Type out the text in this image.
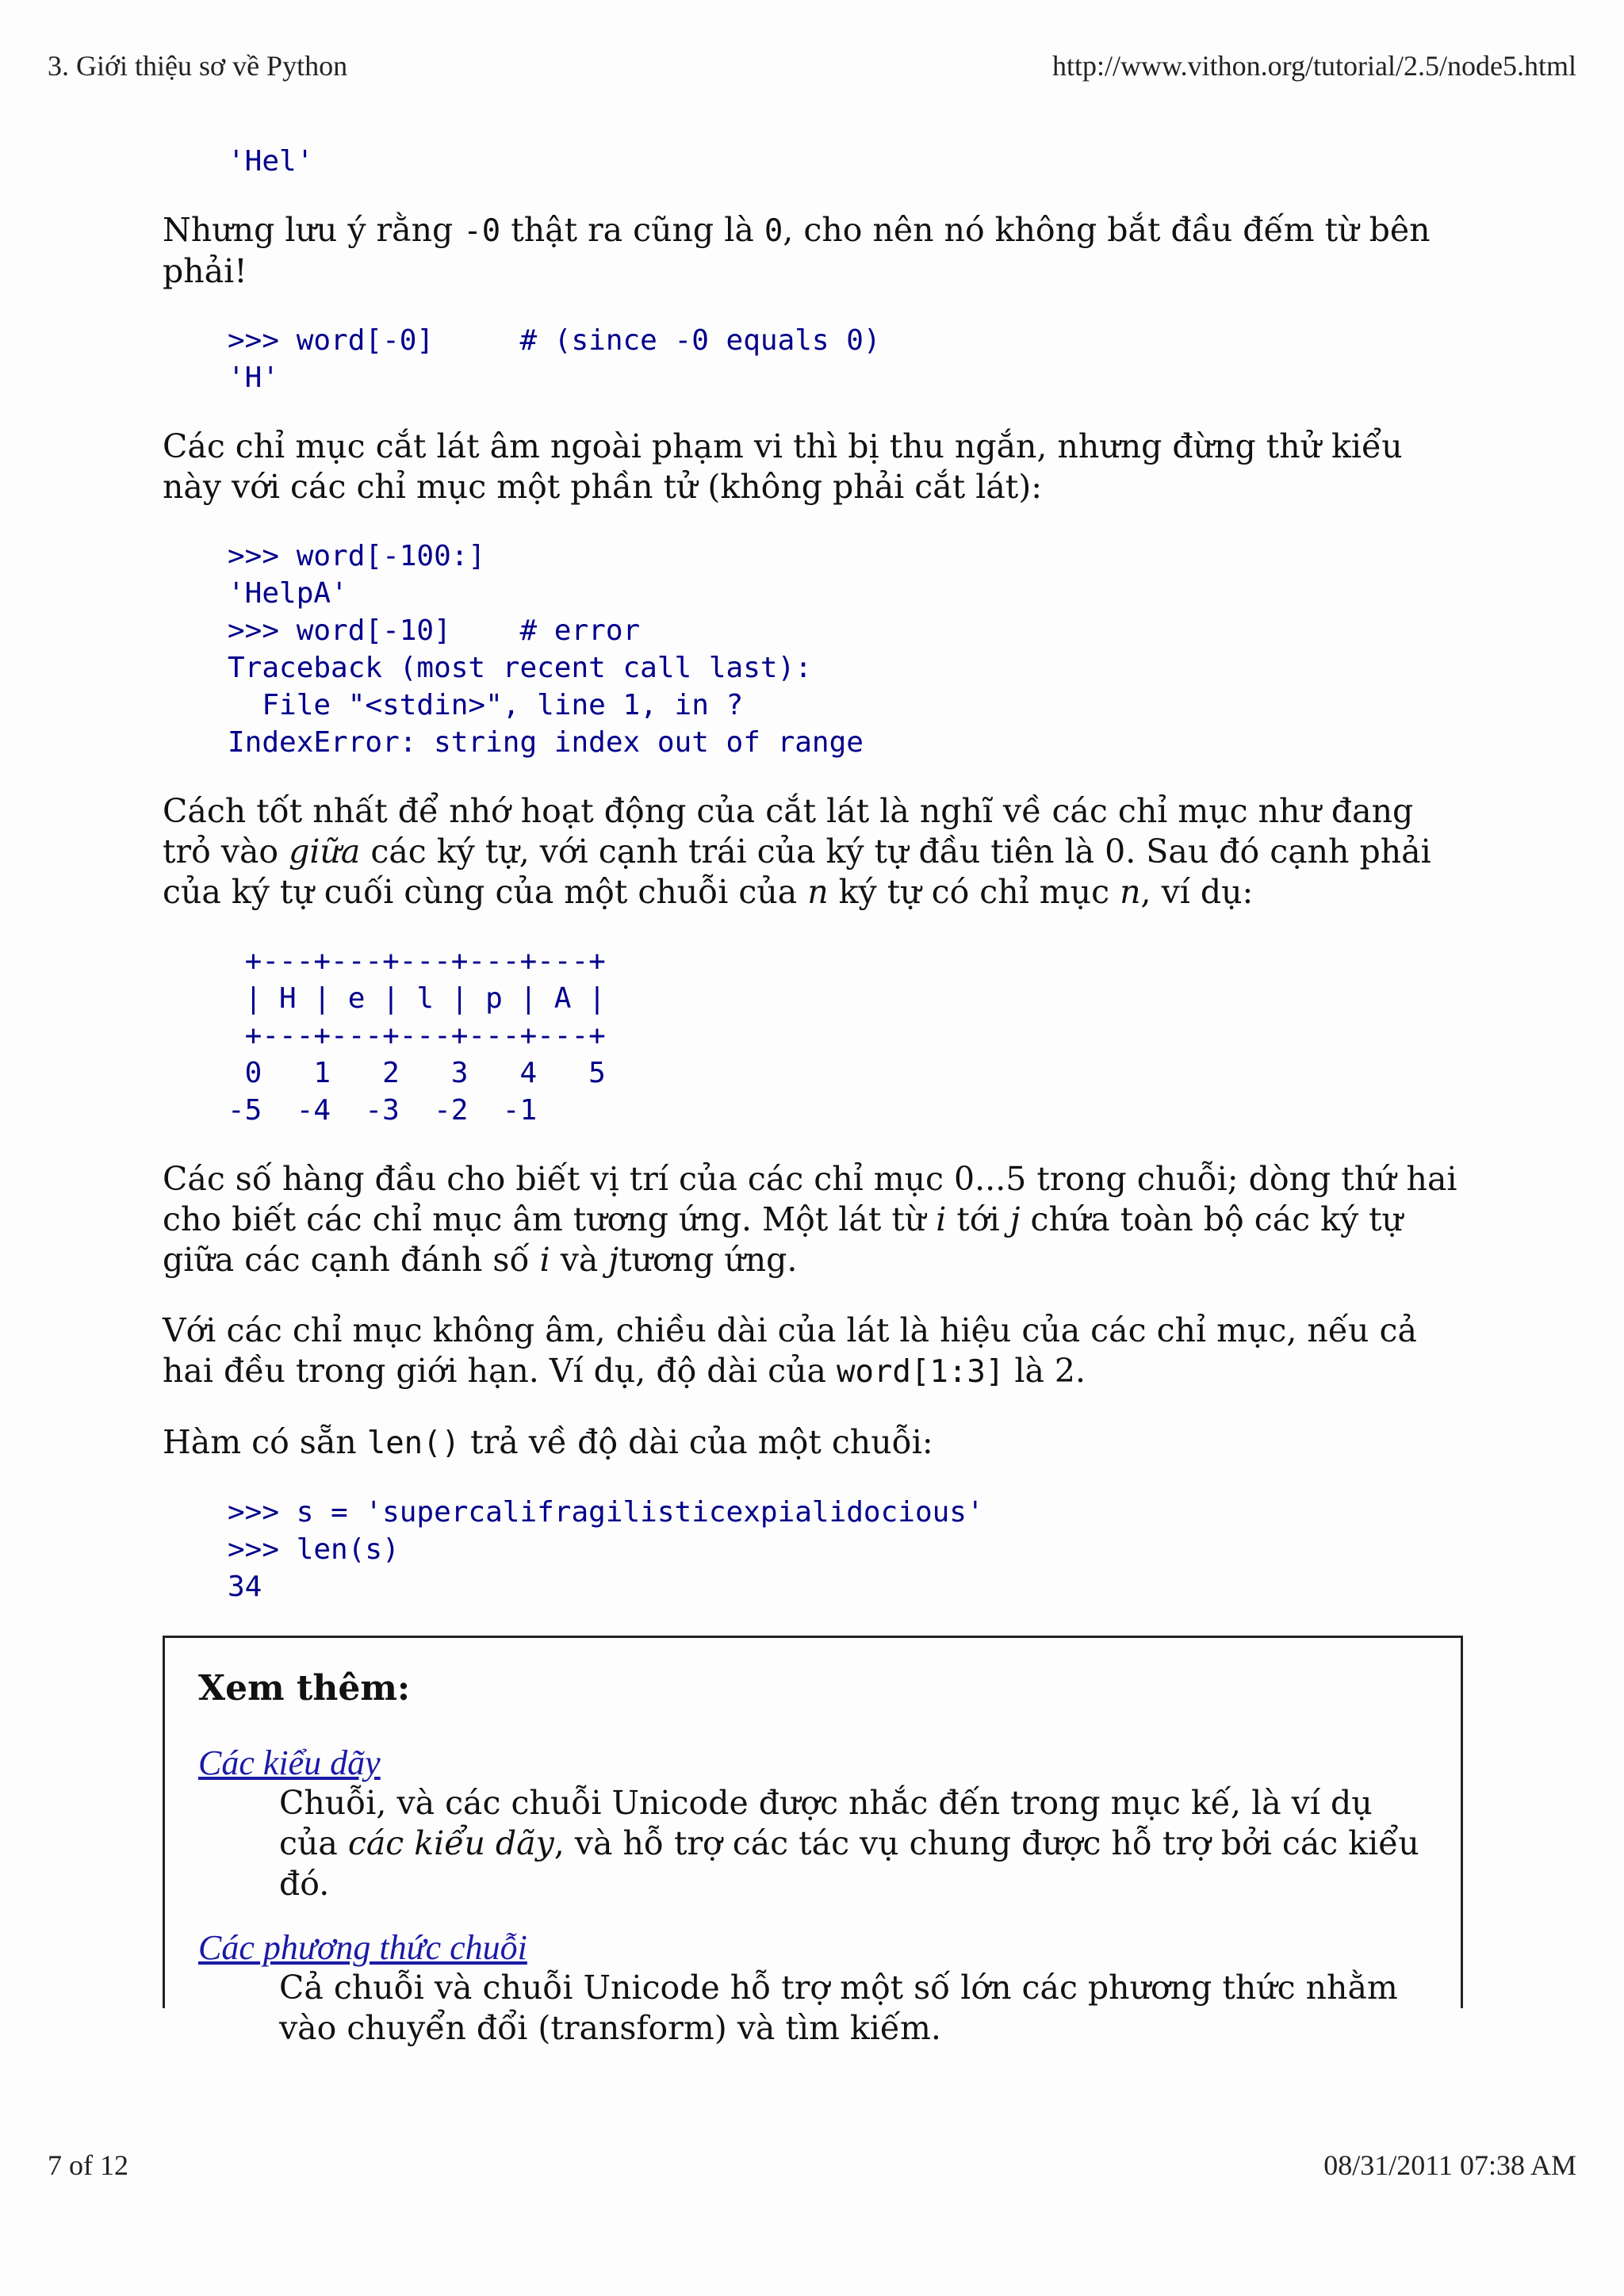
3. Giới thiệu sơ về Python	http://www.vithon.org/tutorial/2.5/node5.html
'Hel'

Nhưng lưu ý rằng -0 thật ra cũng là 0, cho nên nó không bắt đầu đếm từ bên phải!

>>> word[-0]     # (since -0 equals 0)
'H'

Các chỉ mục cắt lát âm ngoài phạm vi thì bị thu ngắn, nhưng đừng thử kiểu này với các chỉ mục một phần tử (không phải cắt lát):

>>> word[-100:]
'HelpA'
>>> word[-10]    # error
Traceback (most recent call last):
File "<stdin>", line 1, in ?
IndexError: string index out of range

Cách tốt nhất để nhớ hoạt động của cắt lát là nghĩ về các chỉ mục như đang trỏ vào giữa các ký tự, với cạnh trái của ký tự đầu tiên là 0. Sau đó cạnh phải của ký tự cuối cùng của một chuỗi của n ký tự có chỉ mục n, ví dụ:

+---+---+---+---+---+
| H | e | l | p | A |
+---+---+---+---+---+
0   1   2   3   4   5
-5  -4  -3  -2  -1

Các số hàng đầu cho biết vị trí của các chỉ mục 0...5 trong chuỗi; dòng thứ hai cho biết các chỉ mục âm tương ứng. Một lát từ i tới j chứa toàn bộ các ký tự giữa các cạnh đánh số i và jtương ứng.

Với các chỉ mục không âm, chiều dài của lát là hiệu của các chỉ mục, nếu cả hai đều trong giới hạn. Ví dụ, độ dài của word[1:3] là 2.

Hàm có sẵn len() trả về độ dài của một chuỗi:

>>> s = 'supercalifragilisticexpialidocious'
>>> len(s)
34
Xem thêm:
Các kiểu dãy
Chuỗi, và các chuỗi Unicode được nhắc đến trong mục kế, là ví dụ của các kiểu dãy, và hỗ trợ các tác vụ chung được hỗ trợ bởi các kiểu đó.
Các phương thức chuỗi
Cả chuỗi và chuỗi Unicode hỗ trợ một số lớn các phương thức nhằm vào chuyển đổi (transform) và tìm kiếm.
7 of 12	08/31/2011 07:38 AM
